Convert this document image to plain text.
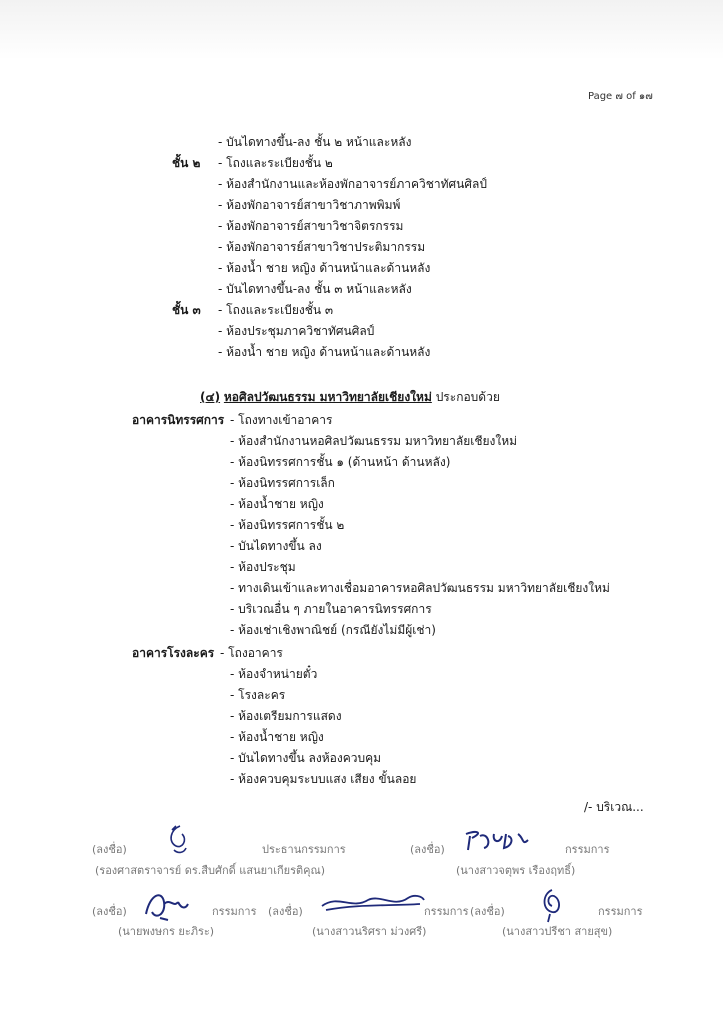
Page ๗ of ๑๗
- บันไดทางขึ้น-ลง ชั้น ๒ หน้าและหลัง
ชั้น ๒ - โถงและระเบียงชั้น ๒
- ห้องสำนักงานและห้องพักอาจารย์ภาควิชาทัศนศิลป์
- ห้องพักอาจารย์สาขาวิชาภาพพิมพ์
- ห้องพักอาจารย์สาขาวิชาจิตรกรรม
- ห้องพักอาจารย์สาขาวิชาประติมากรรม
- ห้องน้ำ ชาย หญิง ด้านหน้าและด้านหลัง
- บันไดทางขึ้น-ลง ชั้น ๓ หน้าและหลัง
ชั้น ๓ - โถงและระเบียงชั้น ๓
- ห้องประชุมภาควิชาทัศนศิลป์
- ห้องน้ำ ชาย หญิง ด้านหน้าและด้านหลัง
(๔) หอศิลปวัฒนธรรม มหาวิทยาลัยเชียงใหม่ ประกอบด้วย
อาคารนิทรรศการ - โถงทางเข้าอาคาร
- ห้องสำนักงานหอศิลปวัฒนธรรม มหาวิทยาลัยเชียงใหม่
- ห้องนิทรรศการชั้น ๑ (ด้านหน้า ด้านหลัง)
- ห้องนิทรรศการเล็ก
- ห้องน้ำชาย หญิง
- ห้องนิทรรศการชั้น ๒
- บันไดทางขึ้น ลง
- ห้องประชุม
- ทางเดินเข้าและทางเชื่อมอาคารหอศิลปวัฒนธรรม มหาวิทยาลัยเชียงใหม่
- บริเวณอื่น ๆ ภายในอาคารนิทรรศการ
- ห้องเช่าเชิงพาณิชย์ (กรณียังไม่มีผู้เช่า)
อาคารโรงละคร - โถงอาคาร
- ห้องจำหน่ายตั๋ว
- โรงละคร
- ห้องเตรียมการแสดง
- ห้องน้ำชาย หญิง
- บันไดทางขึ้น ลงห้องควบคุม
- ห้องควบคุมระบบแสง เสียง ขั้นลอย
/- บริเวณ...
(ลงชื่อ)	ประธานกรรมการ
(รองศาสตราจารย์ ดร.สืบศักดิ์ แสนยาเกียรติคุณ)
(ลงชื่อ)	กรรมการ
(นางสาวจตุพร เรืองฤทธิ์)
(ลงชื่อ)	กรรมการ
(นายพงษกร ยะภิระ)
(ลงชื่อ)	กรรมการ
(นางสาวนริศรา ม่วงศรี)
(ลงชื่อ)	กรรมการ
(นางสาวปรีชา สายสุข)
